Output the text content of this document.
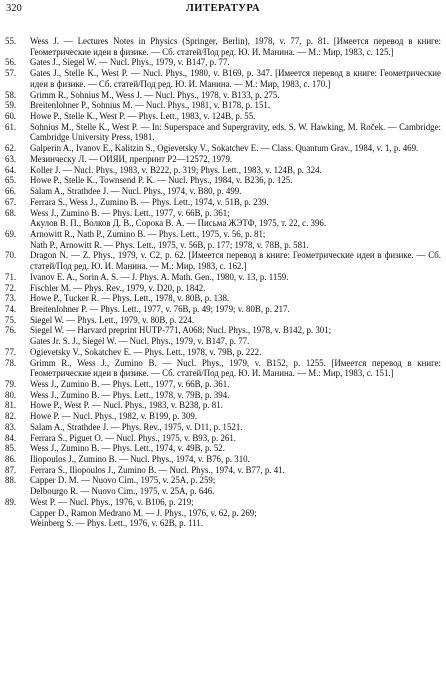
320	ЛИТЕРАТУРА
55.	Wess J. — Lectures Notes in Physics (Springer, Berlin), 1978, v. 77, p. 81. [Имеется перевод в книге: Геометрические идеи в физике. — Сб. статей/Под ред. Ю. И. Манина. — М.: Мир, 1983, с. 125.]

56.	Gates J., Siegel W. — Nucl. Phys., 1979, v. B147, p. 77.

57.	Gates J., Stelle K., West P. — Nucl. Phys., 1980, v. B169, p. 347. [Имеется перевод в книге: Геометрические идеи в физике. — Сб. статей/Под ред. Ю. И. Манина. — М.: Мир, 1983, с. 170.]

58.	Grimm R., Sohnius M., Wess J. — Nucl. Phys., 1978, v. B133, p. 275.

59.	Breitenlohner P., Sohnius M. — Nucl. Phys., 1981, v. B178, p. 151.

60.	Howe P., Stelle K., West P. — Phys. Lett., 1983, v. 124B, p. 55.

61.	Sohnius M., Stelle K., West P. — In: Superspace and Supergravity, eds. S. W. Hawking, M. Roček. — Cambridge: Cambridge University Press, 1981.

62.	Galperin A., Ivanov E., Kalitzin S., Ogievetsky V., Sokatchev E. — Class. Quantum Grav., 1984, v. 1, p. 469.

63.	Мезинческу Л. — ОИЯИ, препринт Р2—12572, 1979.

64.	Koller J. — Nucl. Phys., 1983, v. B222, p. 319; Phys. Lett., 1983, v. 124B, p. 324.

65.	Howe P., Stelle K., Townsend P. K. — Nucl. Phys., 1984, v. B236, p. 125.

66.	Salam A., Strathdee J. — Nucl. Phys., 1974, v. B80, p. 499.

67.	Ferrara S., Wess J., Zumino B. — Phys. Lett., 1974, v. 51B, p. 239.

68.	Wess J., Zumino B. — Phys. Lett., 1977, v. 66B, p. 361;

Акулов В. П., Волков Д. В., Сорока В. А. — Письма ЖЭТФ, 1975, т. 22, с. 396.

69.	Arnowitt R., Nath P., Zumino B. — Phys. Lett., 1975, v. 56, p. 81;

Nath P., Arnowitt R. — Phys. Lett., 1975, v. 56B, p. 177; 1978, v. 78B, p. 581.

70.	Dragon N. — Z. Phys., 1979, v. C2, p. 62. [Имеется перевод в книге: Геометрические идеи в физике. — Сб. статей/Под ред. Ю. И. Манина. — М.: Мир, 1983, с. 162.]

71.	Ivanov E. A., Sorin A. S. — J. Phys. A. Math. Gen., 1980, v. 13, p. 1159.

72.	Fischler M. — Phys. Rev., 1979, v. D20, p. 1842.

73.	Howe P., Tucker R. — Phys. Lett., 1978, v. 80B, p. 138.

74.	Breitenlohner P. — Phys. Lett., 1977, v. 76B, p. 49; 1979; v. 80B, p. 217.

75.	Siegel W. — Phys. Lett., 1979, v. 80B, p. 224.

76.	Siegel W. — Harvard preprint HUTP-771, A068; Nucl. Phys., 1978, v. B142, p. 301;

Gates Jr. S. J., Siegel W. — Nucl. Phys., 1979, v. B147, p. 77.

77.	Ogievetsky V., Sokatchev E. — Phys. Lett., 1978, v. 79B, p. 222.

78.	Grimm R., Wess J., Zumino B. — Nucl. Phys., 1979, v. B152, p. 1255. [Имеется перевод в книге: Геометрические идеи в физике. — Сб. статей/Под ред. Ю. И. Манина. — М.: Мир, 1983, с. 151.]

79.	Wess J., Zumino B. — Phys. Lett., 1977, v. 66B, p. 361.

80.	Wess J., Zumino B. — Phys. Lett., 1978, v. 79B, p. 394.

81.	Howe P., West P. — Nucl. Phys., 1983, v. B238, p. 81.

82.	Howe P. — Nucl. Phys., 1982, v. B199, p. 309.

83.	Salam A., Strathdee J. — Phys. Rev., 1975, v. D11, p. 1521.

84.	Ferrara S., Piguet O. — Nucl. Phys., 1975, v. B93, p. 261.

85.	Wess J., Zumino B. — Phys. Lett., 1974, v. 49B, p. 52.

86.	Iliopoulos J., Zumino B. — Nucl. Phys., 1974, v. B76, p. 310.

87.	Ferrara S., Iliopoulos J., Zumino B. — Nucl. Phys., 1974, v. B77, p. 41.

88.	Capper D. M. — Nuovo Cim., 1975, v. 25A, p. 259;

Delbourgo R. — Nuovo Cim., 1975, v. 25A, p. 646.

89.	West P. — Nucl. Phys., 1976, v. B106, p. 219;

Capper D., Ramon Medrano M. — J. Phys., 1976, v. 62, p. 269;

Weinberg S. — Phys. Lett., 1976, v. 62B, p. 111.
